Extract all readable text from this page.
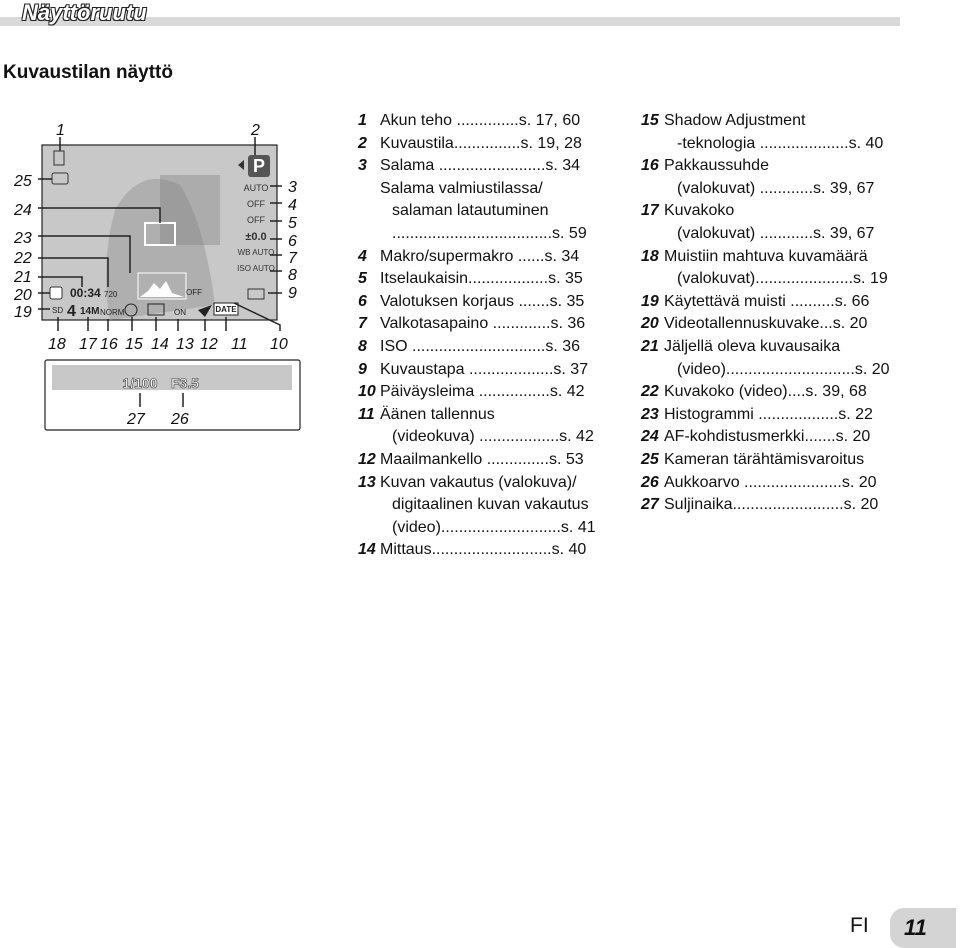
Näyttöruutu
Kuvaustilan näyttö
P
AUTO
OFF
OFF
±0.0
WB AUTO
ISO AUTO
00:34 720
SD 4 14M NORM	ON
OFF
DATE
1/100 F3.5
1	2
25
24
23
22
21
20
19
3
4
5
6
7
8
9
18 17 16 15 14 13 12 11 10
27 26
1 Akun teho ..............s. 17, 60
2 Kuvaustila...............s. 19, 28
3 Salama ........................s. 34
Salama valmiustilassa/
salaman latautuminen
....................................s. 59
4 Makro/supermakro ......s. 34
5 Itselaukaisin..................s. 35
6 Valotuksen korjaus .......s. 35
7 Valkotasapaino .............s. 36
8 ISO ..............................s. 36
9 Kuvaustapa ...................s. 37
10 Päiväysleima ................s. 42
11 Äänen tallennus
(videokuva) ..................s. 42
12 Maailmankello ..............s. 53
13 Kuvan vakautus (valokuva)/
digitaalinen kuvan vakautus
(video)...........................s. 41
14 Mittaus...........................s. 40
15 Shadow Adjustment
-teknologia ....................s. 40
16 Pakkaussuhde
(valokuvat) ............s. 39, 67
17 Kuvakoko
(valokuvat) ............s. 39, 67
18 Muistiin mahtuva kuvamäärä
(valokuvat)......................s. 19
19 Käytettävä muisti ..........s. 66
20 Videotallennuskuvake...s. 20
21 Jäljellä oleva kuvausaika
(video).............................s. 20
22 Kuvakoko (video)....s. 39, 68
23 Histogrammi ..................s. 22
24 AF-kohdistusmerkki.......s. 20
25 Kameran tärähtämisvaroitus
26 Aukkoarvo ......................s. 20
27 Suljinaika.........................s. 20
FI	11
